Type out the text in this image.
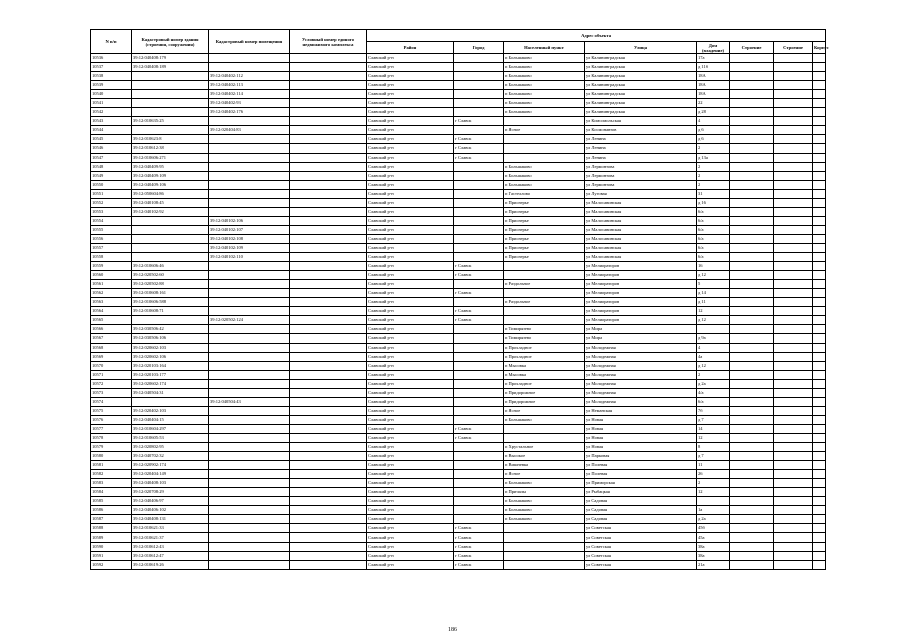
N п/п	Кадастровый номер здания (строения, сооружения)	Кадастровый номер помещения	Условный номер единого недвижимого комплекса	Адрес объекта							
				Район	Город	Населенный пункт	Улица	Дом (владение)	Строение	Строение	Корпус
10536	39:12:040408:179			Славский р-н		п Большаково	ул Калининградская	17а			
10537	39:12:040408:189			Славский р-н		п Большаково	ул Калининградская	д 11б			
10538		39:12:040402:112		Славский р-н		п Большаково	ул Калининградская	18А			
10539		39:12:040402:113		Славский р-н		п Большаково	ул Калининградская	18А			
10540		39:12:040402:114		Славский р-н		п Большаково	ул Калининградская	18А			
10541		39:12:040402:93		Славский р-н		п Большаково	ул Калининградская	22			
10542		39:12:040402:176		Славский р-н		п Большаково	ул Калининградская	д 28			
10543	39:12:010635:25			Славский р-н	г Славск		ул Комсомольская	4			
10544		39:12:020404:83		Славский р-н		п Ясное	ул Космонавтов	д 6			
10545	39:12:010623:8			Славский р-н	г Славск		ул Ленина	д 6			
10546	39:12:010612:38			Славский р-н	г Славск		ул Ленина	2			
10547	39:12:010606:271			Славский р-н	г Славск		ул Ленина	д 13а			
10548	39:12:040409:95			Славский р-н		п Большаково	ул Лермонтова	2			
10549	39:12:040409:109			Славский р-н		п Большаково	ул Лермонтова	2			
10550	39:12:040409:106			Славский р-н		п Большаково	ул Лермонтова	2			
10551	39:12:050604:86			Славский р-н		п Гастеллово	ул Луговая	31			
10552	39:12:040108:45			Славский р-н		п Приозерье	ул Малосавинская	д 16			
10553	39:12:040102:92			Славский р-н		п Приозерье	ул Малосавинская	6/а			
10554		39:12:040102:106		Славский р-н		п Приозерье	ул Малосавинская	6/а			
10555		39:12:040102:107		Славский р-н		п Приозерье	ул Малосавинская	6/а			
10556		39:12:040102:108		Славский р-н		п Приозерье	ул Малосавинская	6/а			
10557		39:12:040102:109		Славский р-н		п Приозерье	ул Малосавинская	6/а			
10558		39:12:040102:110		Славский р-н		п Приозерье	ул Малосавинская	6/а			
10559	39:12:010606:46			Славский р-н	г Славск		ул Мелиораторов	16			
10560	39:12:020502:60			Славский р-н	г Славск		ул Мелиораторов	д 12			
10561	39:12:020502:88			Славский р-н		п Раздольное	ул Мелиораторов	5			
10562	39:12:010608:161			Славский р-н	г Славск		ул Мелиораторов	д 14			
10563	39:12:010606:588			Славский р-н		п Раздольное	ул Мелиораторов	д 11			
10564	39:12:010608:71			Славский р-н	г Славск		ул Мелиораторов	12			
10565		39:12:020502:124		Славский р-н	г Славск		ул Мелиораторов	д 12			
10566	39:12:030506:42			Славский р-н		п Тимирязево	ул Мира				
10567	39:12:030506:106			Славский р-н		п Тимирязево	ул Мира	д 9а			
10568	39:12:020602:103			Славский р-н		п Прохладное	ул Молодежная	4			
10569	39:12:020602:106			Славский р-н		п Прохладное	ул Молодежная	4а			
10570	39:12:020103:164			Славский р-н		п Мысовка	ул Молодежная	д 12			
10571	39:12:020103:177			Славский р-н		п Мысовка	ул Молодежная	2			
10572	39:12:020602:174			Славский р-н		п Прохладное	ул Молодежная	д 2а			
10573	39:12:040504:31			Славский р-н		п Придорожное	ул Молодежная	4/а			
10574		39:12:040504:43		Славский р-н		п Придорожное	ул Молодежная	6/а			
10575	39:12:020402:103			Славский р-н		п Ясное	ул Неманская	7б			
10576	39:12:040404:15			Славский р-н		п Большаково	ул Новая	д 7			
10577	39:12:010604:297			Славский р-н	г Славск		ул Новая	14			
10578	39:12:010605:53			Славский р-н	г Славск		ул Новая	12			
10579	39:12:020802:95			Славский р-н		п Хрустальное	ул Новая	8			
10580	39:12:040702:32			Славский р-н		п Высокое	ул Парковая	д 7			
10581	39:12:020902:174			Славский р-н		п Вишневка	ул Полевая	11			
10582	39:12:020404:149			Славский р-н		п Ясное	ул Полевая	26			
10583	39:12:040408:103			Славский р-н		п Большаково	ул Приморская	2			
10584	39:12:020708:29			Славский р-н		п Причалы	ул Рыбацкая	12			
10585	39:12:040406:97			Славский р-н		п Большаково	ул Садовая				
10586	39:12:040406:102			Славский р-н		п Большаково	ул Садовая	1а			
10587	39:12:040408:131			Славский р-н		п Большаково	ул Садовая	д 2а			
10588	39:12:010621:33			Славский р-н	г Славск		ул Советская	45б			
10589	39:12:010621:37			Славский р-н	г Славск		ул Советская	45а			
10590	39:12:010612:43			Славский р-н	г Славск		ул Советская	38а			
10591	39:12:010612:47			Славский р-н	г Славск		ул Советская	38а			
10592	39:12:010619:26			Славский р-н	г Славск		ул Советская	21а			
186
